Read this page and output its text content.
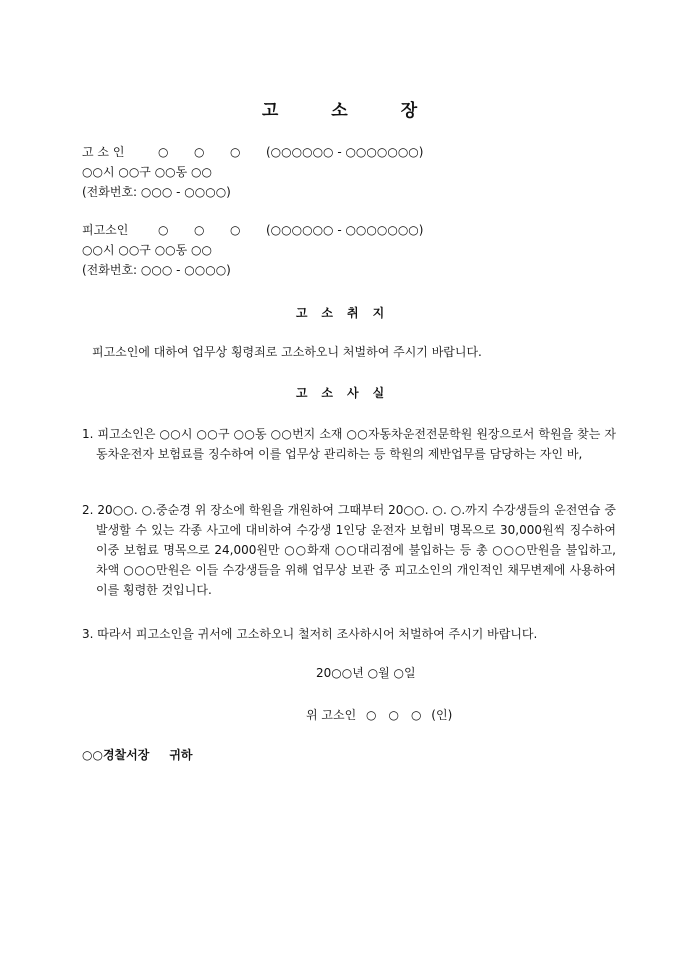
고	소	장
고 소 인	○ ○ ○ (○○○○○○ - ○○○○○○○)
○○시 ○○구 ○○동 ○○
(전화번호: ○○○ - ○○○○)
피고소인 ○ ○ ○ (○○○○○○ - ○○○○○○○)
○○시 ○○구 ○○동 ○○
(전화번호: ○○○ - ○○○○)
고 소 취 지
피고소인에 대하여 업무상 횡령죄로 고소하오니 처벌하여 주시기 바랍니다.
고 소 사 실
1. 피고소인은 ○○시 ○○구 ○○동 ○○번지 소재 ○○자동차운전전문학원 원장으로서 학원을 찾는 자동차운전자 보험료를 징수하여 이를 업무상 관리하는 등 학원의 제반업무를 담당하는 자인 바,
2. 20○○. ○.중순경 위 장소에 학원을 개원하여 그때부터 20○○. ○. ○.까지 수강생들의 운전연습 중 발생할 수 있는 각종 사고에 대비하여 수강생 1인당 운전자 보험비 명목으로 30,000원씩 징수하여 이중 보험료 명목으로 24,000원만 ○○화재 ○○대리점에 불입하는 등 총 ○○○만원을 불입하고, 차액 ○○○만원은 이들 수강생들을 위해 업무상 보관 중 피고소인의 개인적인 채무변제에 사용하여 이를 횡령한 것입니다.
3. 따라서 피고소인을 귀서에 고소하오니 철저히 조사하시어 처벌하여 주시기 바랍니다.
20○○년 ○월 ○일
위 고소인 ○ ○ ○ (인)
○○경찰서장 귀하
